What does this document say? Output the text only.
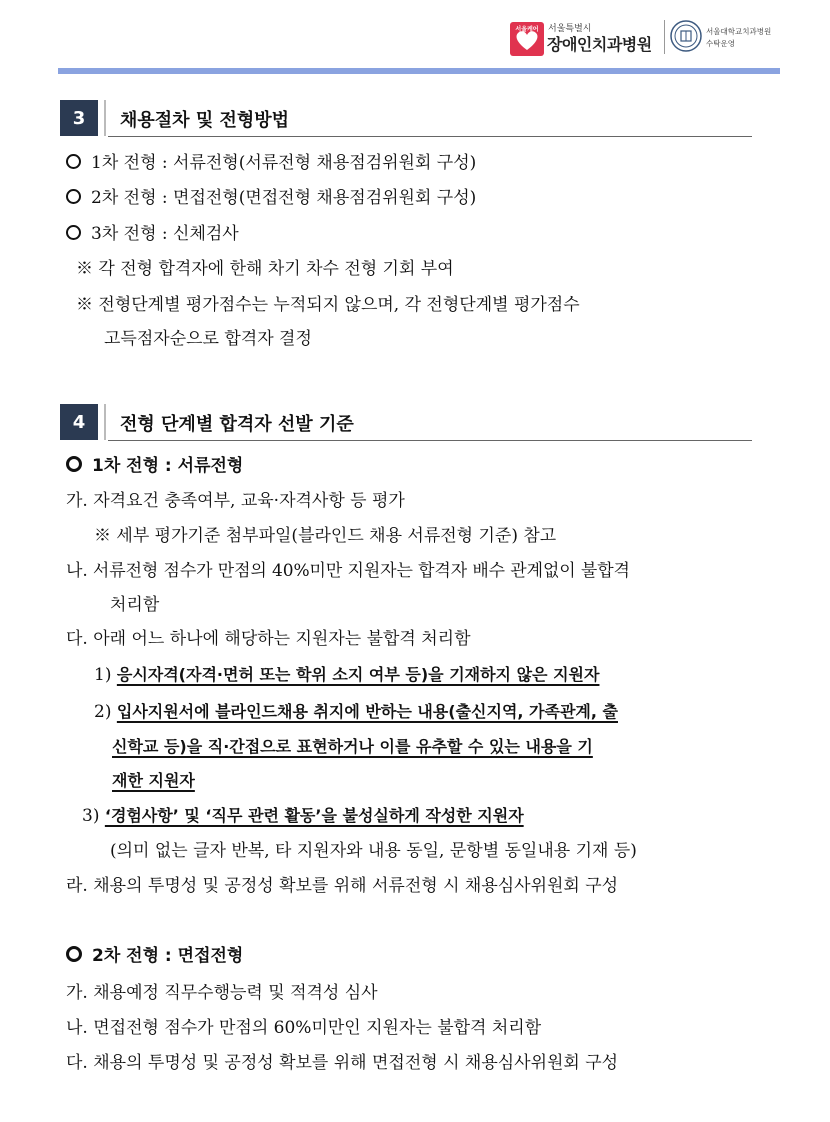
서울케어	서울특별시
장애인치과병원
서울대학교치과병원
수탁운영
3	채용절차 및 전형방법
1차 전형 : 서류전형(서류전형 채용점검위원회 구성)
2차 전형 : 면접전형(면접전형 채용점검위원회 구성)
3차 전형 : 신체검사
※ 각 전형 합격자에 한해 차기 차수 전형 기회 부여
※ 전형단계별 평가점수는 누적되지 않으며, 각 전형단계별 평가점수
고득점자순으로 합격자 결정
4	전형 단계별 합격자 선발 기준
1차 전형 : 서류전형
가. 자격요건 충족여부, 교육·자격사항 등 평가
※ 세부 평가기준 첨부파일(블라인드 채용 서류전형 기준) 참고
나. 서류전형 점수가 만점의 40%미만 지원자는 합격자 배수 관계없이 불합격
처리함
다. 아래 어느 하나에 해당하는 지원자는 불합격 처리함
1) 응시자격(자격·면허 또는 학위 소지 여부 등)을 기재하지 않은 지원자
2) 입사지원서에 블라인드채용 취지에 반하는 내용(출신지역, 가족관계, 출
신학교 등)을 직·간접으로 표현하거나 이를 유추할 수 있는 내용을 기
재한 지원자
3) ‘경험사항’ 및 ‘직무 관련 활동’을 불성실하게 작성한 지원자
(의미 없는 글자 반복, 타 지원자와 내용 동일, 문항별 동일내용 기재 등)
라. 채용의 투명성 및 공정성 확보를 위해 서류전형 시 채용심사위원회 구성
2차 전형 : 면접전형
가. 채용예정 직무수행능력 및 적격성 심사
나. 면접전형 점수가 만점의 60%미만인 지원자는 불합격 처리함
다. 채용의 투명성 및 공정성 확보를 위해 면접전형 시 채용심사위원회 구성
